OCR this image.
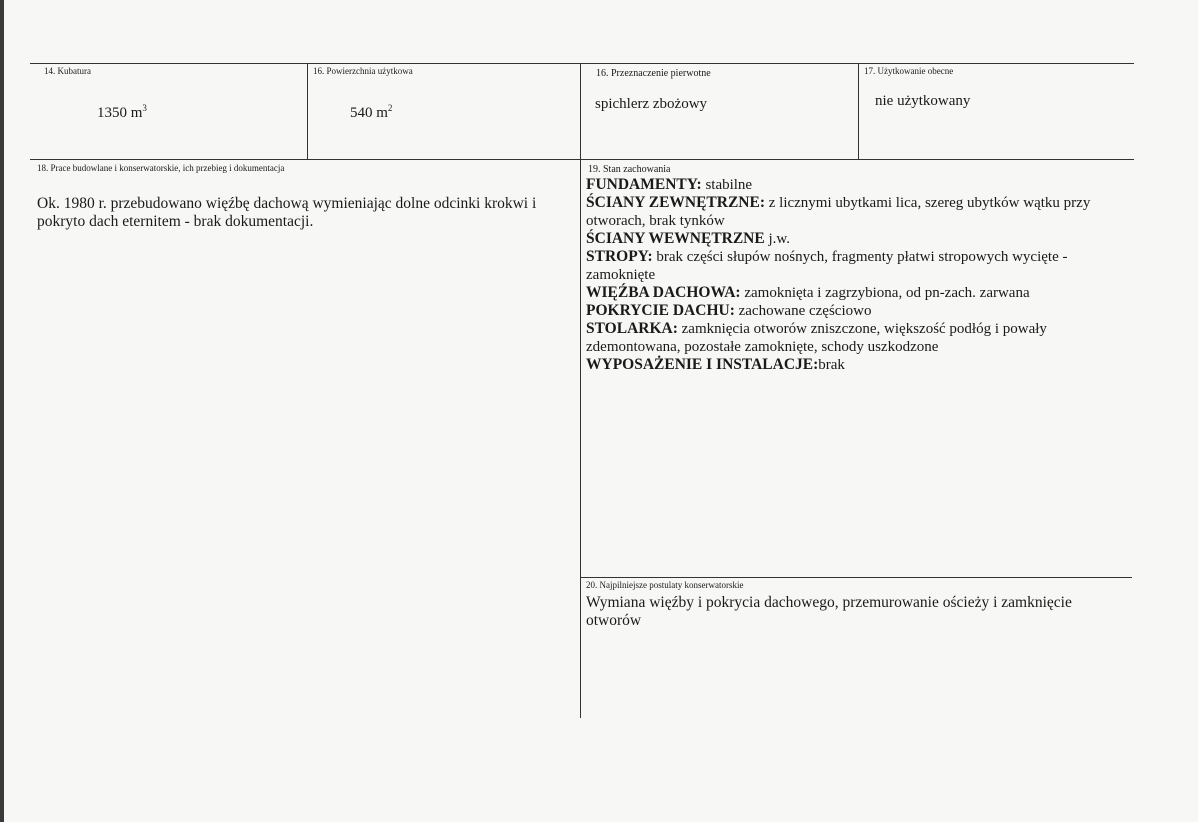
14. Kubatura
1350 $m^3$
16. Powierzchnia użytkowa
540 $m^2$
16. Przeznaczenie pierwotne
spichlerz zbożowy
17. Użytkowanie obecne
nie użytkowany
18. Prace budowlane i konserwatorskie, ich przebieg i dokumentacja
Ok. 1980 r. przebudowano więźbę dachową wymieniając dolne odcinki krokwi i
pokryto dach eternitem - brak dokumentacji.
19. Stan zachowania
FUNDAMENTY: stabilne
ŚCIANY ZEWNĘTRZNE: z licznymi ubytkami lica, szereg ubytków wątku przy
otworach, brak tynków
ŚCIANY WEWNĘTRZNE j.w.
STROPY: brak części słupów nośnych, fragmenty płatwi stropowych wycięte -
zamoknięte
WIĘŹBA DACHOWA: zamoknięta i zagrzybiona, od pn-zach. zarwana
POKRYCIE DACHU: zachowane częściowo
STOLARKA: zamknięcia otworów zniszczone, większość podłóg i powały
zdemontowana, pozostałe zamoknięte, schody uszkodzone
WYPOSAŻENIE I INSTALACJE:brak
20. Najpilniejsze postulaty konserwatorskie
Wymiana więźby i pokrycia dachowego, przemurowanie ościeży i zamknięcie
otworów
